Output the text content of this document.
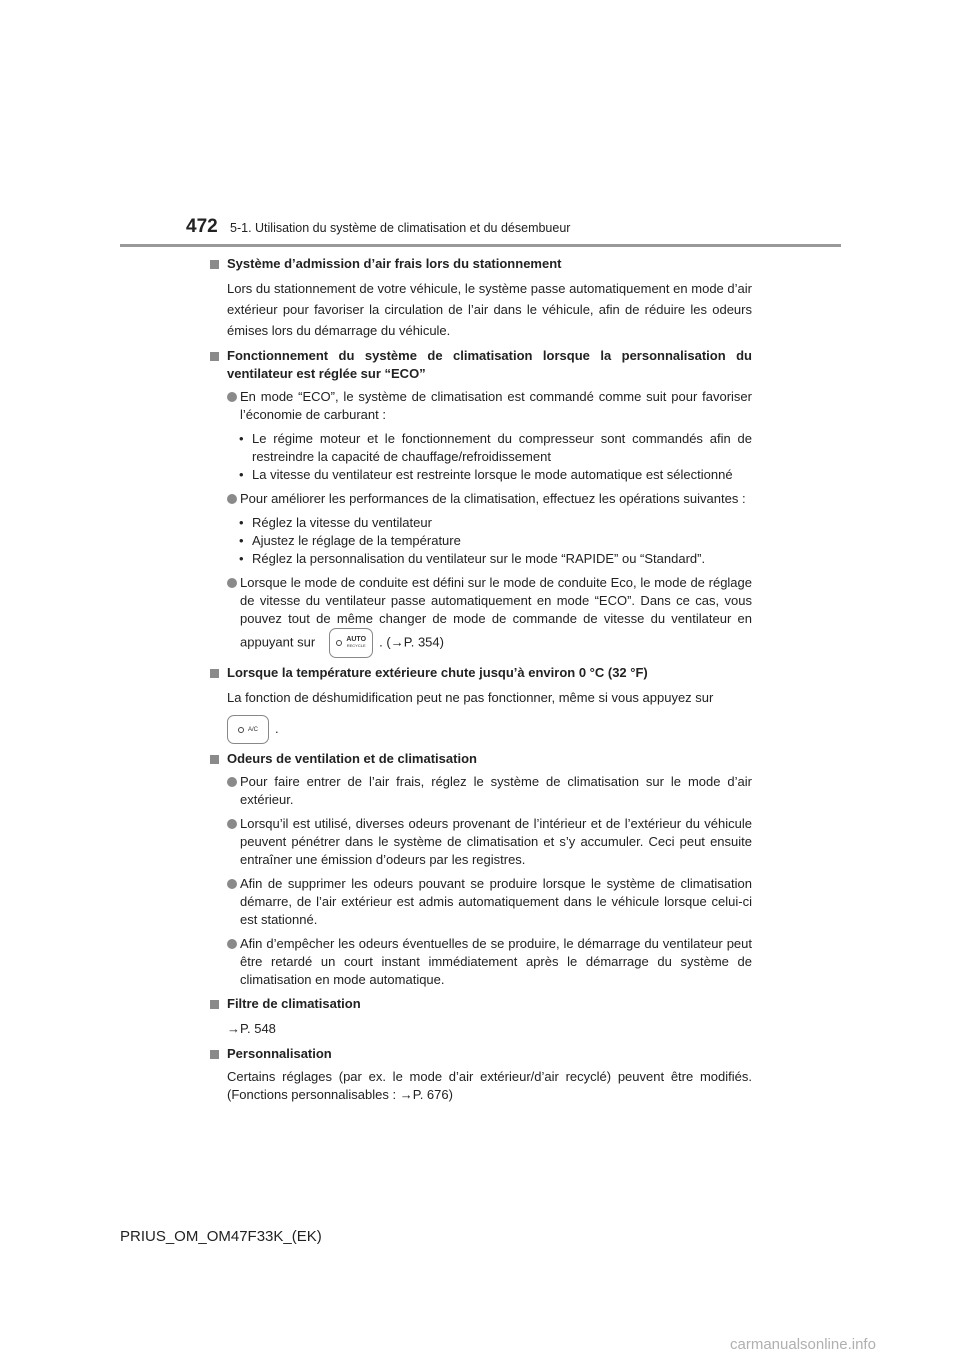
472 5-1. Utilisation du système de climatisation et du désembueur
Système d’admission d’air frais lors du stationnement
Lors du stationnement de votre véhicule, le système passe automatiquement en mode d’air extérieur pour favoriser la circulation de l’air dans le véhicule, afin de réduire les odeurs émises lors du démarrage du véhicule.
Fonctionnement du système de climatisation lorsque la personnalisation du ventilateur est réglée sur “ECO”
En mode “ECO”, le système de climatisation est commandé comme suit pour favoriser l’économie de carburant :
• Le régime moteur et le fonctionnement du compresseur sont commandés afin de restreindre la capacité de chauffage/refroidissement
• La vitesse du ventilateur est restreinte lorsque le mode automatique est sélectionné
Pour améliorer les performances de la climatisation, effectuez les opérations suivantes :
• Réglez la vitesse du ventilateur
• Ajustez le réglage de la température
• Réglez la personnalisation du ventilateur sur le mode “RAPIDE” ou “Standard”.
Lorsque le mode de conduite est défini sur le mode de conduite Eco, le mode de réglage de vitesse du ventilateur passe automatiquement en mode “ECO”. Dans ce cas, vous pouvez tout de même changer de mode de commande de vitesse du ventilateur en appuyant sur	AUTO
RECYCLE . (→P. 354)
Lorsque la température extérieure chute jusqu’à environ 0 °C (32 °F)
La fonction de déshumidification peut ne pas fonctionner, même si vous appuyez sur
A/C .
Odeurs de ventilation et de climatisation
Pour faire entrer de l’air frais, réglez le système de climatisation sur le mode d’air extérieur.
Lorsqu’il est utilisé, diverses odeurs provenant de l’intérieur et de l’extérieur du véhicule peuvent pénétrer dans le système de climatisation et s’y accumuler. Ceci peut ensuite entraîner une émission d’odeurs par les registres.
Afin de supprimer les odeurs pouvant se produire lorsque le système de climatisation démarre, de l’air extérieur est admis automatiquement dans le véhicule lorsque celui-ci est stationné.
Afin d’empêcher les odeurs éventuelles de se produire, le démarrage du ventilateur peut être retardé un court instant immédiatement après le démarrage du système de climatisation en mode automatique.
Filtre de climatisation
→P. 548
Personnalisation
Certains réglages (par ex. le mode d’air extérieur/d’air recyclé) peuvent être modifiés. (Fonctions personnalisables : →P. 676)
PRIUS_OM_OM47F33K_(EK)
carmanualsonline.info
